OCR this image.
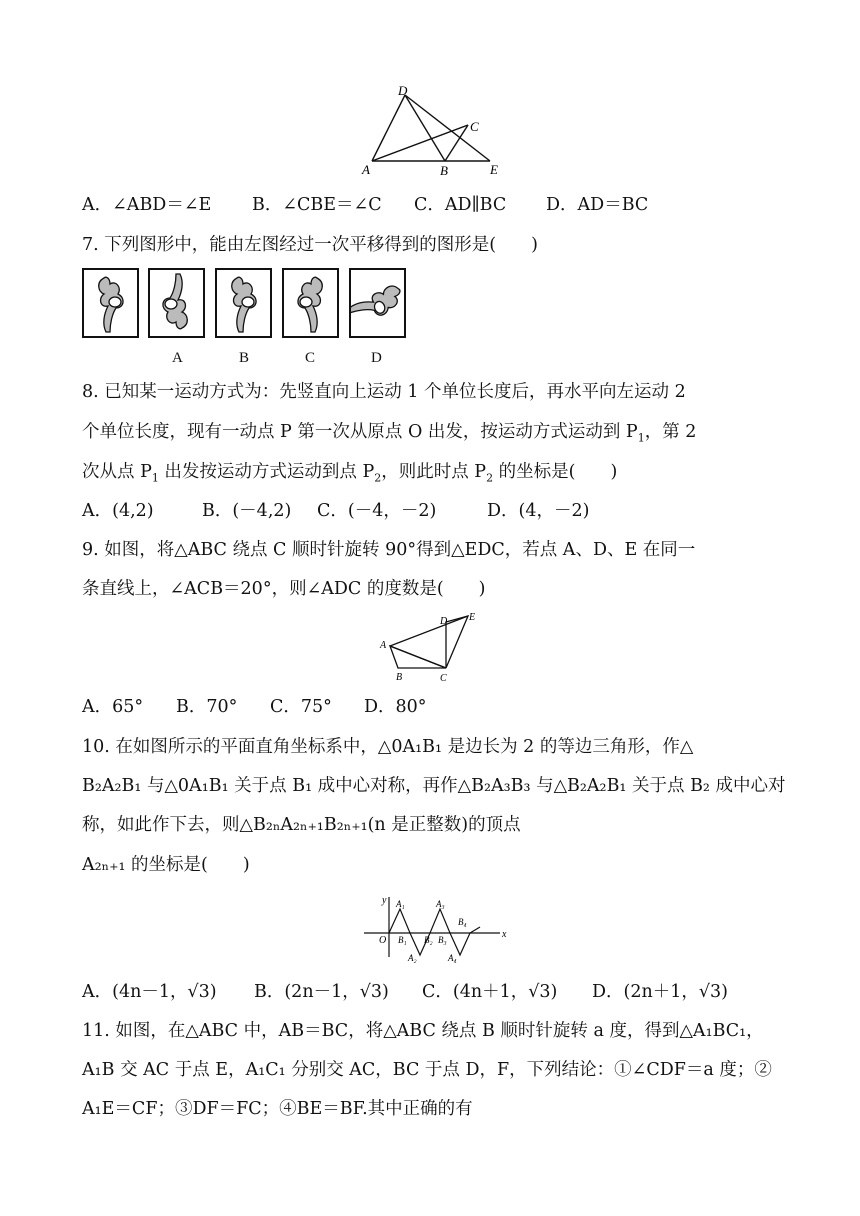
D
C
A	B	E
A．∠ABD＝∠E B．∠CBE＝∠C C．AD∥BC D．AD＝BC
7. 下列图形中，能由左图经过一次平移得到的图形是(　　)
A	B	C	D
8. 已知某一运动方式为：先竖直向上运动 1 个单位长度后，再水平向左运动 2
个单位长度，现有一动点 P 第一次从原点 O 出发，按运动方式运动到 $P_1$，第 2
次从点 $P_1$ 出发按运动方式运动到点 $P_2$，则此时点 $P_2$ 的坐标是(　　)
A．(4,2)	B．(－4,2) C．(－4，－2)	D．(4，－2)
9. 如图，将△ABC 绕点 C 顺时针旋转 90°得到△EDC，若点 A、D、E 在同一
条直线上，∠ACB＝20°，则∠ADC 的度数是(　　)
A
B	C
D E
A．65° B．70° C．75° D．80°
10. 在如图所示的平面直角坐标系中，△0A₁B₁ 是边长为 2 的等边三角形，作△
B₂A₂B₁ 与△0A₁B₁ 关于点 B₁ 成中心对称，再作△B₂A₃B₃ 与△B₂A₂B₁ 关于点 B₂ 成中心对
称，如此作下去，则△B₂ₙA₂ₙ₊₁B₂ₙ₊₁(n 是正整数)的顶点
A₂ₙ₊₁ 的坐标是(　　)
x
y
O
A₁	A₃
B₁ B₂ B₃
B₄
A₂	A₄
A．(4n－1，√3) B．(2n－1，√3) C．(4n＋1，√3) D．(2n＋1，√3)
11. 如图，在△ABC 中，AB＝BC，将△ABC 绕点 B 顺时针旋转 a 度，得到△A₁BC₁，
A₁B 交 AC 于点 E，A₁C₁ 分别交 AC，BC 于点 D，F，下列结论：①∠CDF＝a 度；②
A₁E＝CF；③DF＝FC；④BE＝BF.其中正确的有
